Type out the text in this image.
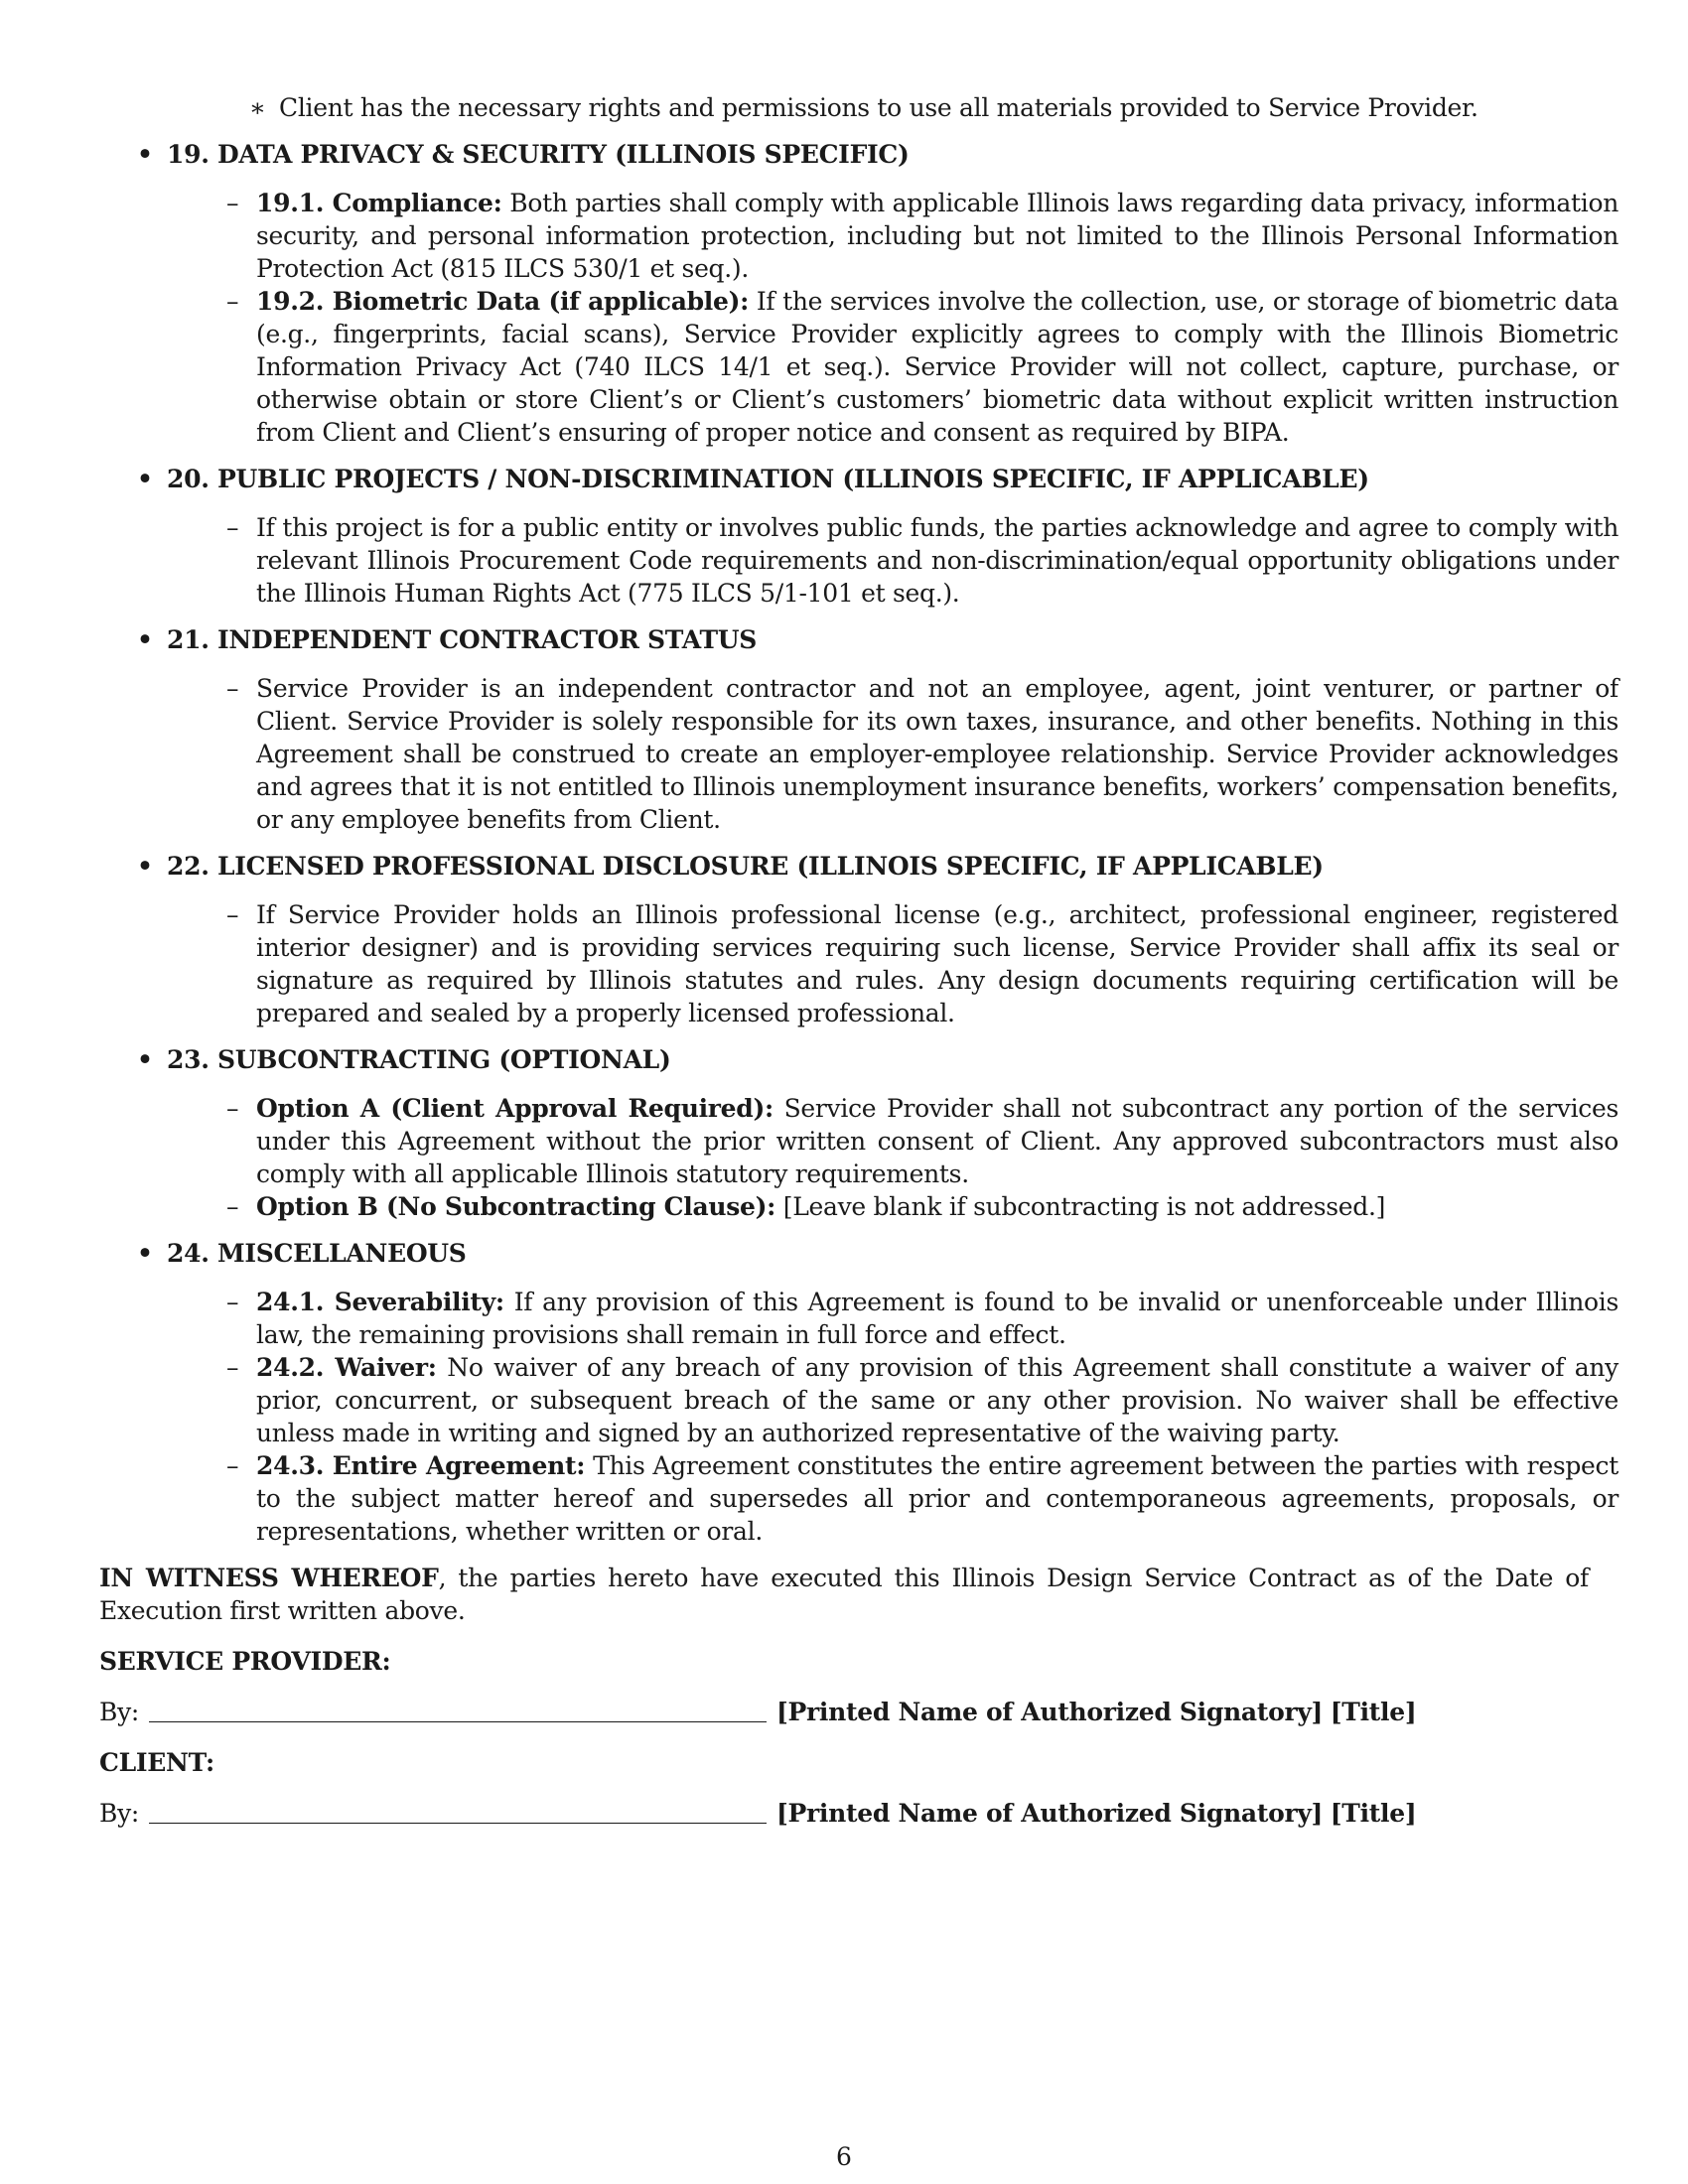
∗ Client has the necessary rights and permissions to use all materials provided to Service Provider.
• 19. DATA PRIVACY & SECURITY (ILLINOIS SPECIFIC)
– 19.1. Compliance: Both parties shall comply with applicable Illinois laws regarding data privacy, information security, and personal information protection, including but not limited to the Illinois Personal Information Protection Act (815 ILCS 530/1 et seq.).
– 19.2. Biometric Data (if applicable): If the services involve the collection, use, or storage of biometric data (e.g., fingerprints, facial scans), Service Provider explicitly agrees to comply with the Illinois Biometric Information Privacy Act (740 ILCS 14/1 et seq.). Service Provider will not collect, capture, purchase, or otherwise obtain or store Client’s or Client’s customers’ biometric data without explicit written instruction from Client and Client’s ensuring of proper notice and consent as required by BIPA.
• 20. PUBLIC PROJECTS / NON-DISCRIMINATION (ILLINOIS SPECIFIC, IF APPLICABLE)
– If this project is for a public entity or involves public funds, the parties acknowledge and agree to comply with relevant Illinois Procurement Code requirements and non-discrimination/equal opportunity obligations under the Illinois Human Rights Act (775 ILCS 5/1-101 et seq.).
• 21. INDEPENDENT CONTRACTOR STATUS
– Service Provider is an independent contractor and not an employee, agent, joint venturer, or partner of Client. Service Provider is solely responsible for its own taxes, insurance, and other benefits. Nothing in this Agreement shall be construed to create an employer-employee relationship. Service Provider acknowledges and agrees that it is not entitled to Illinois unemployment insurance benefits, workers’ compensation benefits, or any employee benefits from Client.
• 22. LICENSED PROFESSIONAL DISCLOSURE (ILLINOIS SPECIFIC, IF APPLICABLE)
– If Service Provider holds an Illinois professional license (e.g., architect, professional engineer, registered interior designer) and is providing services requiring such license, Service Provider shall affix its seal or signature as required by Illinois statutes and rules. Any design documents requiring certification will be prepared and sealed by a properly licensed professional.
• 23. SUBCONTRACTING (OPTIONAL)
– Option A (Client Approval Required): Service Provider shall not subcontract any portion of the services under this Agreement without the prior written consent of Client. Any approved subcontractors must also comply with all applicable Illinois statutory requirements.
– Option B (No Subcontracting Clause): [Leave blank if subcontracting is not addressed.]
• 24. MISCELLANEOUS
– 24.1. Severability: If any provision of this Agreement is found to be invalid or unenforceable under Illinois law, the remaining provisions shall remain in full force and effect.
– 24.2. Waiver: No waiver of any breach of any provision of this Agreement shall constitute a waiver of any prior, concurrent, or subsequent breach of the same or any other provision. No waiver shall be effective unless made in writing and signed by an authorized representative of the waiving party.
– 24.3. Entire Agreement: This Agreement constitutes the entire agreement between the parties with respect to the subject matter hereof and supersedes all prior and contemporaneous agreements, proposals, or representations, whether written or oral.
IN WITNESS WHEREOF, the parties hereto have executed this Illinois Design Service Contract as of the Date of Execution first written above.
SERVICE PROVIDER:
By:	[Printed Name of Authorized Signatory]
[Title]
CLIENT:
By:	[Printed Name of Authorized Signatory]
[Title]
6
